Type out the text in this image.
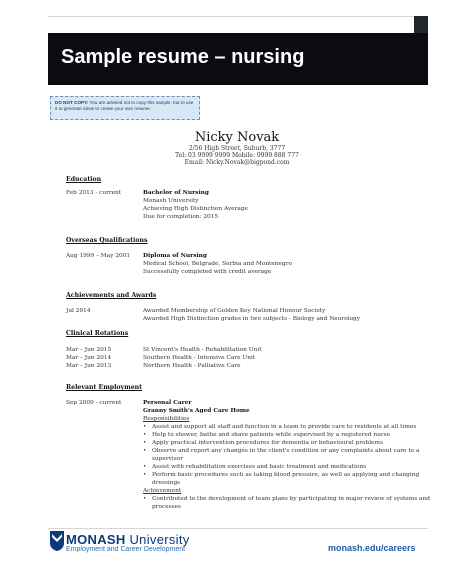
Sample resume – nursing
DO NOT COPY: You are advised not to copy this sample, but to use it to generate ideas to create your own resume.
Nicky Novak
2/56 High Street, Suburb, 3777
Tel: 03 9999 9999 Mobile: 9999 888 777
Email: Nicky.Novak@bigpond.com
Education
Feb 2013 - current	Bachelor of Nursing
Monash University
Achieving High Distinction Average
Due for completion: 2015
Overseas Qualifications
Aug 1999 – May 2001 Diploma of Nursing
Medical School, Belgrade, Serbia and Montenegro
Successfully completed with credit average
Achievements and Awards
Jul 2014	Awarded Membership of Golden Key National Honour Society
Awarded High Distinction grades in two subjects - Biology and Neurology
Clinical Rotations
Mar – Jun 2015	St Vincent's Health - Rehabilitation Unit
Mar – Jun 2014	Southern Health - Intensive Care Unit
Mar – Jun 2013	Northern Health - Palliative Care
Relevant Employment
Sep 2009 - current	Personal Carer
Granny Smith's Aged Care Home
Responsibilities
• Assist and support all staff and function in a team to provide care to residents at all times
• Help to shower, bathe and shave patients while supervised by a registered nurse
• Apply practical intervention procedures for dementia or behavioural problems
• Observe and report any changes in the client's condition or any complaints about care to a
supervisor
• Assist with rehabilitation exercises and basic treatment and medications
• Perform basic procedures such as taking blood pressure, as well as applying and changing
dressings
Achievement
• Contributed to the development of team plans by participating in major review of systems and
processes
MONASH University
Employment and Career Development	monash.edu/careers
